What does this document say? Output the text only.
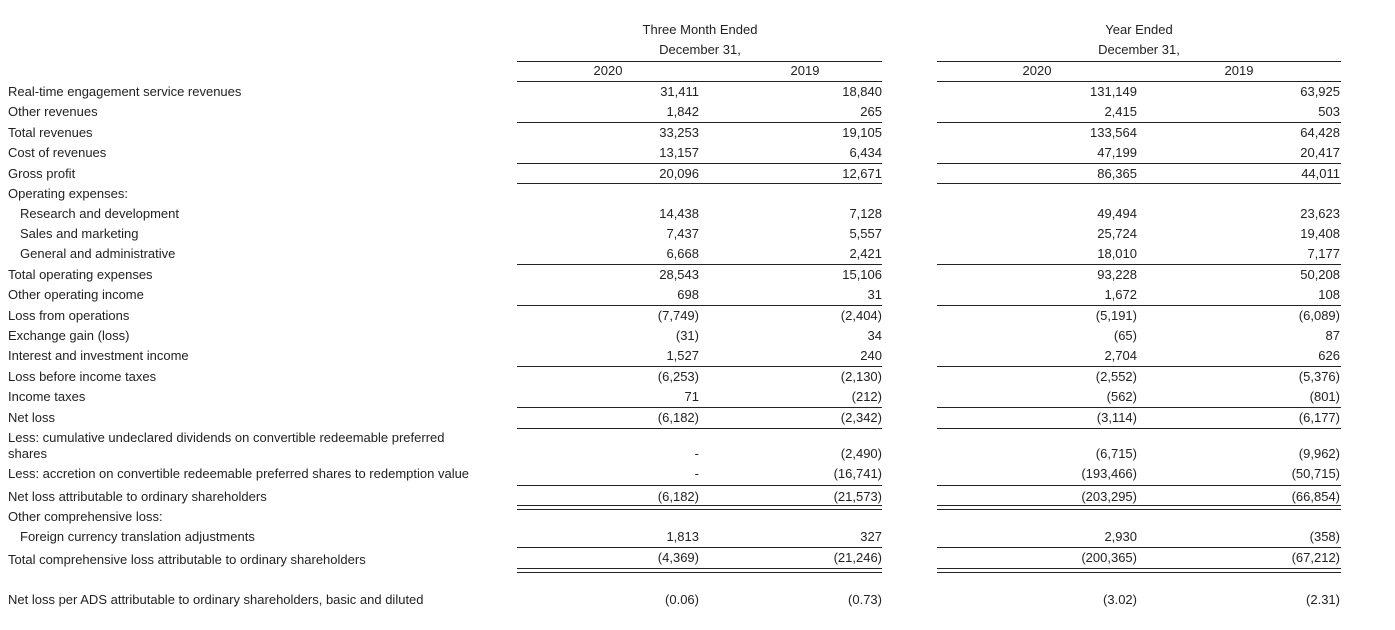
Three Month Ended
December 31,
Year Ended
December 31,
2020	2019	2020	2019
Real-time engagement service revenues	31,411	18,840	131,149	63,925
Other revenues	1,842	265	2,415	503
Total revenues	33,253	19,105	133,564	64,428
Cost of revenues	13,157	6,434	47,199	20,417
Gross profit	20,096	12,671	86,365	44,011
Operating expenses:
Research and development	14,438	7,128	49,494	23,623
Sales and marketing	7,437	5,557	25,724	19,408
General and administrative	6,668	2,421	18,010	7,177
Total operating expenses	28,543	15,106	93,228	50,208
Other operating income	698	31	1,672	108
Loss from operations	(7,749)	(2,404)	(5,191)	(6,089)
Exchange gain (loss)	(31)	34	(65)	87
Interest and investment income	1,527	240	2,704	626
Loss before income taxes	(6,253)	(2,130)	(2,552)	(5,376)
Income taxes	71	(212)	(562)	(801)
Net loss	(6,182)	(2,342)	(3,114)	(6,177)
Less: cumulative undeclared dividends on convertible redeemable preferred
shares	-	(2,490)	(6,715)	(9,962)
Less: accretion on convertible redeemable preferred shares to redemption value	-	(16,741)	(193,466)	(50,715)
Net loss attributable to ordinary shareholders	(6,182)	(21,573)	(203,295)	(66,854)
Other comprehensive loss:
Foreign currency translation adjustments	1,813	327	2,930	(358)
Total comprehensive loss attributable to ordinary shareholders	(4,369)	(21,246)	(200,365)	(67,212)
Net loss per ADS attributable to ordinary shareholders, basic and diluted	(0.06)	(0.73)	(3.02)	(2.31)
